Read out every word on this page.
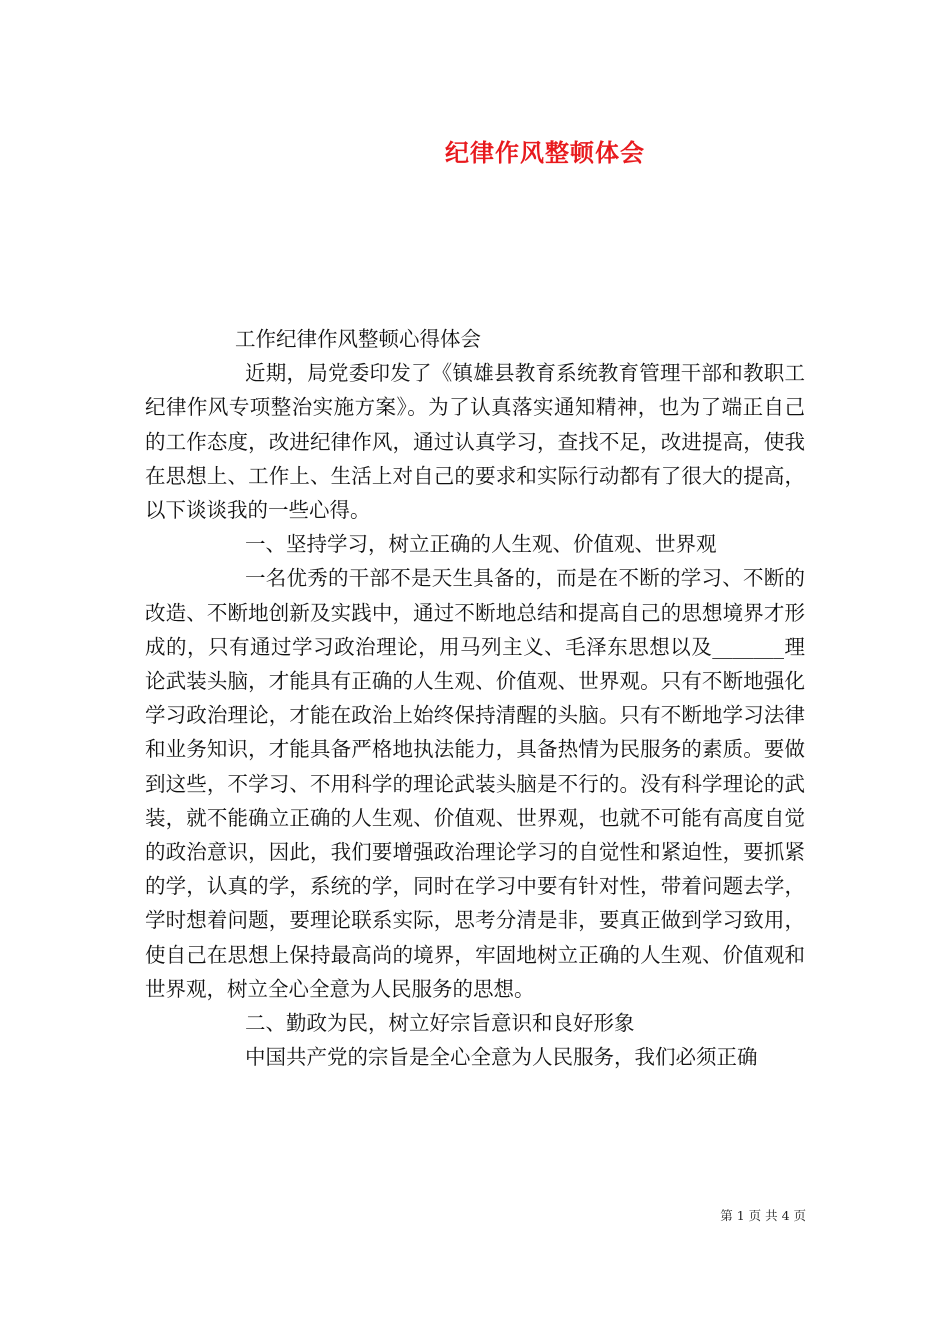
纪律作风整顿体会

工作纪律作风整顿心得体会

近期，局党委印发了《镇雄县教育系统教育管理干部和教职工纪律作风专项整治实施方案》。为了认真落实通知精神，也为了端正自己的工作态度，改进纪律作风，通过认真学习，查找不足，改进提高，使我在思想上、工作上、生活上对自己的要求和实际行动都有了很大的提高，以下谈谈我的一些心得。

一、坚持学习，树立正确的人生观、价值观、世界观

一名优秀的干部不是天生具备的，而是在不断的学习、不断的改造、不断地创新及实践中，通过不断地总结和提高自己的思想境界才形成的，只有通过学习政治理论，用马列主义、毛泽东思想以及_______理论武装头脑，才能具有正确的人生观、价值观、世界观。只有不断地强化学习政治理论，才能在政治上始终保持清醒的头脑。只有不断地学习法律和业务知识，才能具备严格地执法能力，具备热情为民服务的素质。要做到这些，不学习、不用科学的理论武装头脑是不行的。没有科学理论的武装，就不能确立正确的人生观、价值观、世界观，也就不可能有高度自觉的政治意识，因此，我们要增强政治理论学习的自觉性和紧迫性，要抓紧的学，认真的学，系统的学，同时在学习中要有针对性，带着问题去学，学时想着问题，要理论联系实际，思考分清是非，要真正做到学习致用，使自己在思想上保持最高尚的境界，牢固地树立正确的人生观、价值观和世界观，树立全心全意为人民服务的思想。

二、勤政为民，树立好宗旨意识和良好形象

中国共产党的宗旨是全心全意为人民服务，我们必须正确

第 1 页 共 4 页
